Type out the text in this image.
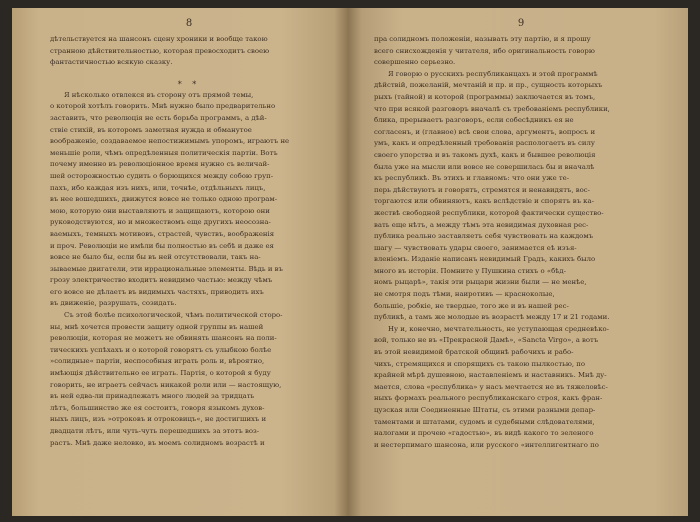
8
дѣтельствуется на шансонъ сцену хроники и вообще такою
странною дѣйствительностью, которая превосходитъ своею
фантастичностью всякую сказку.
* *
Я нѣсколько отвлекся въ сторону отъ прямой темы,
о которой хотѣлъ говорить. Мнѣ нужно было предварительно
заставить, что революція не есть борьба программъ, а дѣй-
ствіе стихій, въ которомъ заметная нужда и обманутое
воображеніе, создаваемое непостижимымъ упоромъ, играютъ не
меньшіе роли, чѣмъ опредѣленныя политическія партіи. Вотъ
почему именно въ революціонное время нужно съ величай-
шей осторожностью судить о борющихся между собою груп-
пахъ, ибо каждая изъ нихъ, или, точнѣе, отдѣльныхъ лицъ,
въ нее вошедшихъ, движутся вовсе не только одною програм-
мою, которую они выставляютъ и защищаютъ, которою они
руководствуются, но и множествомъ еще другихъ неосозна-
ваемыхъ, темныхъ мотивовъ, страстей, чувствъ, воображенія
и проч. Революціи не имѣли бы полностью въ себѣ и даже ея
вовсе не было бы, если бы въ ней отсутствовали, такъ на-
зываемые двигатели, эти иррациональные элементы. Вѣдь и въ
грозу электричество входитъ невидимо частью: между чѣмъ
его вовсе не дѣлаетъ въ видимыхъ частяхъ, приводить ихъ
въ движеніе, разрушать, созидать.
Съ этой болѣе психологической, чѣмъ политической сторо-
ны, мнѣ хочется провести защиту одной группы въ нашей
революціи, которая не можетъ не обвинять шансонъ на поли-
тическихъ успѣхахъ и о которой говорятъ съ улыбкою болѣе
»солидные« партіи, неспособныя играть роль и, вѣроятно,
имѣющія дѣйствительно ее играть. Партія, о которой я буду
говорить, не играетъ сейчасъ никакой роли или — настоящую,
въ ней едва-ли принадлежатъ много людей за тридцать
лѣтъ, большинство же ея состоитъ, говоря языкомъ духов-
ныхъ лицъ, изъ »отроковъ и отроковицъ«, не достигшихъ и
двадцати лѣтъ, или чуть-чуть перешедшихъ за этотъ воз-
растъ. Мнѣ даже неловко, въ моемъ солидномъ возрастѣ и
9
пра солидномъ положеніи, называть эту партію, и я прошу
всего снисхожденія у читателя, ибо оригинальность говорю
совершенно серьезно.
Я говорю о русскихъ республиканцахъ и этой программѣ
дѣйствій, пожеланій, мечтаній и пр. и пр., сущность которыхъ
рыхъ (тайной) и которой (программы) заключается въ томъ,
что при всякой разговоръ вначалѣ съ требованіемъ республики,
блика, прерываетъ разговоръ, если собесѣдникъ ея не
согласенъ, и (главное) всѣ свои слова, аргументъ, вопросъ и
умъ, какъ и опредѣленный требованія распологаетъ въ силу
своего упорства и въ такомъ духѣ, какъ и бывшее революція
была уже на мысли или вовсе не совершилась бы и вначалѣ
къ республикѣ. Въ этихъ и главномъ: что они уже те-
перь дѣйствуютъ и говорятъ, стремятся и ненавидятъ, вос-
торгаются или обвиняютъ, какъ вслѣдствіе и спорятъ въ ка-
жествѣ свободной республики, которой фактически существо-
вать еще нѣтъ, а между тѣмъ эта невидимая духовная рес-
публика реально заставляетъ себя чувствовать на каждомъ
шагу — чувствовать удары своего, занимается еѣ изъя-
вленіемъ. Изданіе написанъ невидимый Градъ, какихъ было
много въ исторіи. Помните у Пушкина стихъ о «бѣд-
номъ рыцарѣ», такія эти рыцари жизни были — не менѣе,
не смотря подъ тѣми, наиротивъ — красноколые,
большіе, робкіе, не твердые, того же и въ нашей рес-
публикѣ, а тамъ же молодые въ возрастѣ между 17 и 21 годами.
Ну и, конечно, мечтательность, не уступающая средневѣко-
вой, только не въ «Прекрасной Дамѣ», «Sancta Virgo», а вотъ
въ этой невидимой братской общинѣ рабочихъ и рабо-
чихъ, стремящихся и спорящихъ съ такою пылкостью, по
крайней мѣрѣ душевною, наставленіемъ и наставникъ. Мнѣ ду-
мается, слова «республика» у насъ мечтается не въ тяжеловѣс-
ныхъ формахъ реального республиканскаго строя, какъ фран-
цузская или Соединенные Штаты, съ этими разными депар-
таментами и штатами, судомъ и судебными слѣдователями,
налогами и прочею «гадостью», въ видѣ какого то зеленого
и нестерпимаго шансона, или русского «интеллигентнаго по
